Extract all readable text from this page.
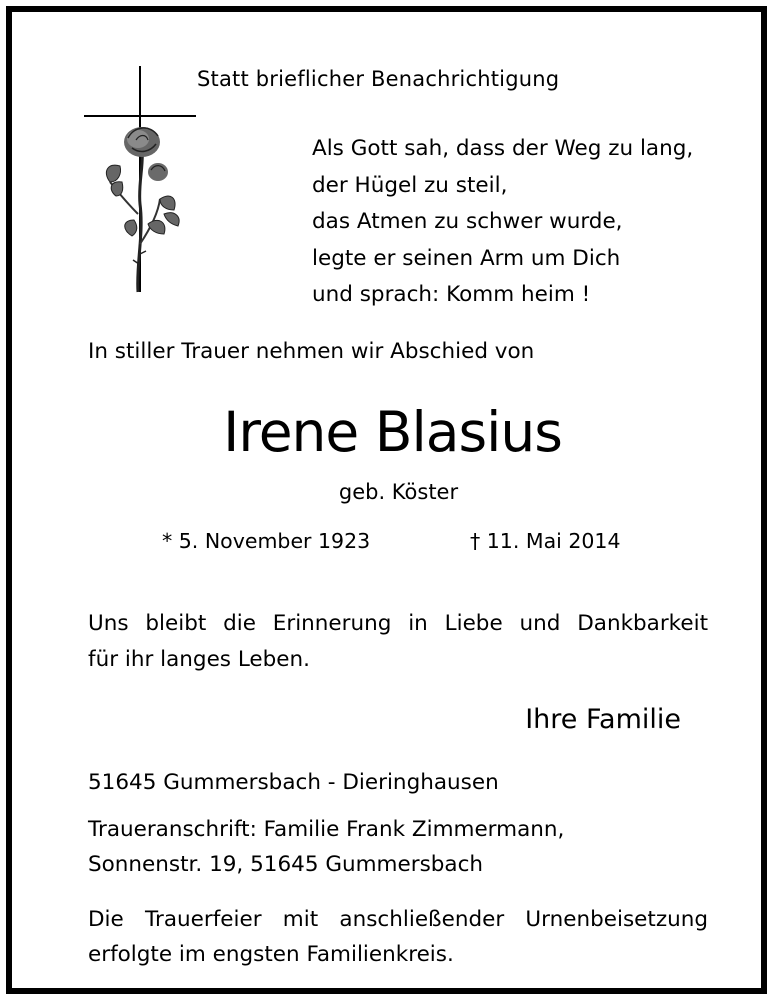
Statt brieflicher Benachrichtigung
Als Gott sah, dass der Weg zu lang,
der Hügel zu steil,
das Atmen zu schwer wurde,
legte er seinen Arm um Dich
und sprach: Komm heim !
In stiller Trauer nehmen wir Abschied von
Irene Blasius
geb. Köster
* 5. November 1923	† 11. Mai 2014
Uns bleibt die Erinnerung in Liebe und Dankbarkeit
für ihr langes Leben.
Ihre Familie
51645 Gummersbach - Dieringhausen
Traueranschrift: Familie Frank Zimmermann,
Sonnenstr. 19, 51645 Gummersbach
Die Trauerfeier mit anschließender Urnenbeisetzung
erfolgte im engsten Familienkreis.
